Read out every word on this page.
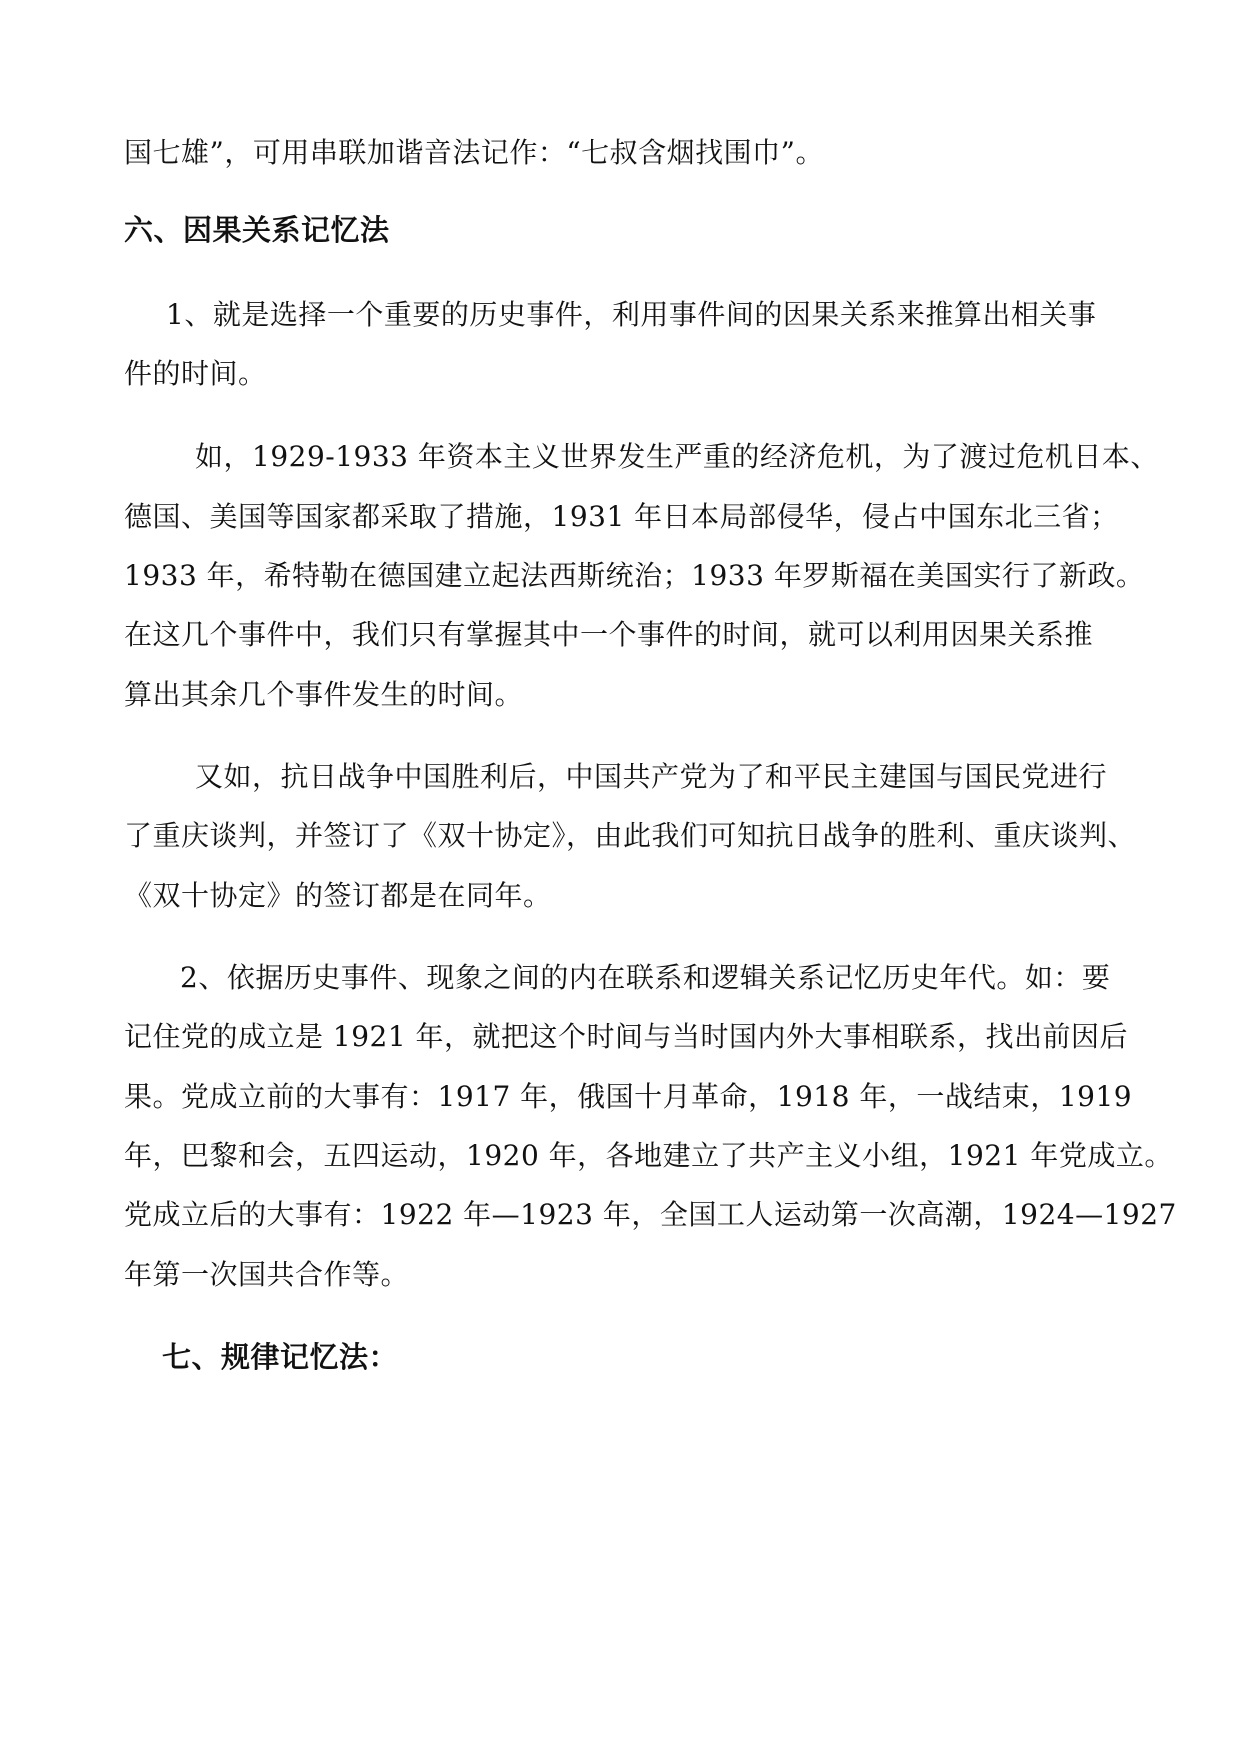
国七雄”，可用串联加谐音法记作：“七叔含烟找围巾”。
六、因果关系记忆法
1、就是选择一个重要的历史事件，利用事件间的因果关系来推算出相关事
件的时间。
如，1929-1933 年资本主义世界发生严重的经济危机，为了渡过危机日本、
德国、美国等国家都采取了措施，1931 年日本局部侵华，侵占中国东北三省；
1933 年，希特勒在德国建立起法西斯统治；1933 年罗斯福在美国实行了新政。
在这几个事件中，我们只有掌握其中一个事件的时间，就可以利用因果关系推
算出其余几个事件发生的时间。
又如，抗日战争中国胜利后，中国共产党为了和平民主建国与国民党进行
了重庆谈判，并签订了《双十协定》，由此我们可知抗日战争的胜利、重庆谈判、
《双十协定》的签订都是在同年。
2、依据历史事件、现象之间的内在联系和逻辑关系记忆历史年代。如：要
记住党的成立是 1921 年，就把这个时间与当时国内外大事相联系，找出前因后
果。党成立前的大事有：1917 年，俄国十月革命，1918 年，一战结束，1919
年，巴黎和会，五四运动，1920 年，各地建立了共产主义小组，1921 年党成立。
党成立后的大事有：1922 年—1923 年，全国工人运动第一次高潮，1924—1927
年第一次国共合作等。
七、规律记忆法：
